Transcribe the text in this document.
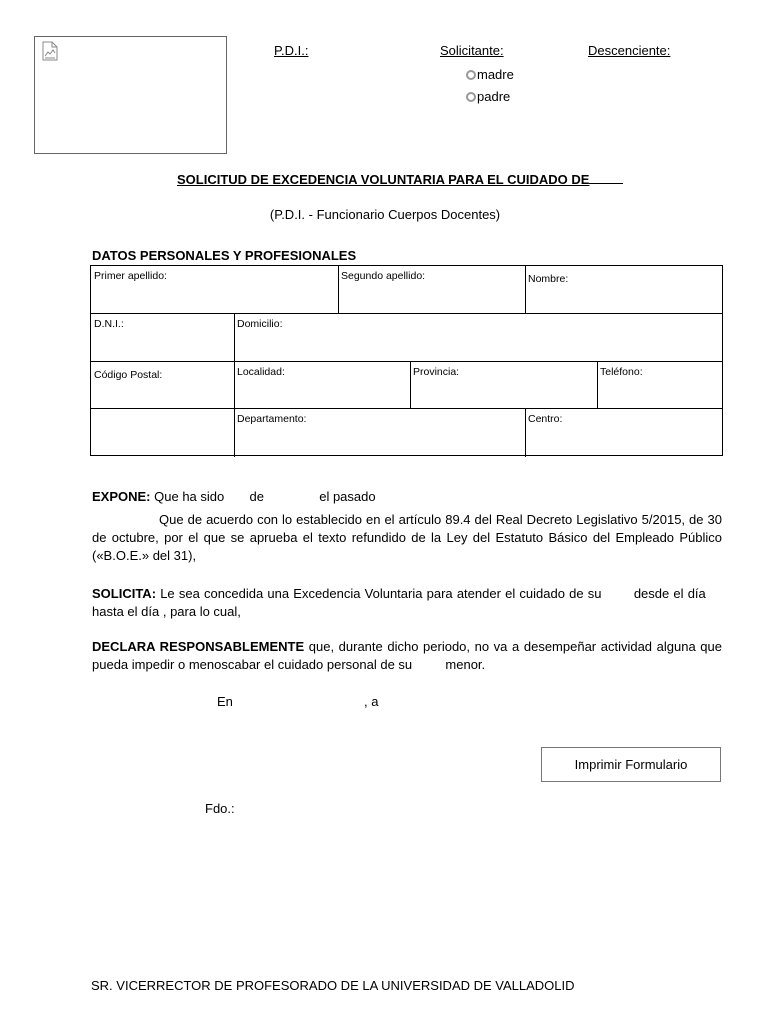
P.D.I.:	Solicitante:	Descenciente:
madre
padre
SOLICITUD DE EXCEDENCIA VOLUNTARIA PARA EL CUIDADO DE
(P.D.I. - Funcionario Cuerpos Docentes)
DATOS PERSONALES Y PROFESIONALES
Primer apellido:	Segundo apellido:	Nombre:
D.N.I.:	Domicilio:
Código Postal:	Localidad:	Provincia:	Teléfono:
Departamento:	Centro:
EXPONE: Que ha sido de	el pasado
Que de acuerdo con lo establecido en el artículo 89.4 del Real Decreto Legislativo 5/2015, de 30 de octubre, por el que se aprueba el texto refundido de la Ley del Estatuto Básico del Empleado Público («B.O.E.» del 31),
SOLICITA: Le sea concedida una Excedencia Voluntaria para atender el cuidado de su desde el día  hasta el día , para lo cual,
DECLARA RESPONSABLEMENTE que, durante dicho periodo, no va a desempeñar actividad alguna que pueda impedir o menoscabar el cuidado personal de su	menor.
En	, a
Imprimir Formulario
Fdo.:
SR. VICERRECTOR DE PROFESORADO DE LA UNIVERSIDAD DE VALLADOLID
